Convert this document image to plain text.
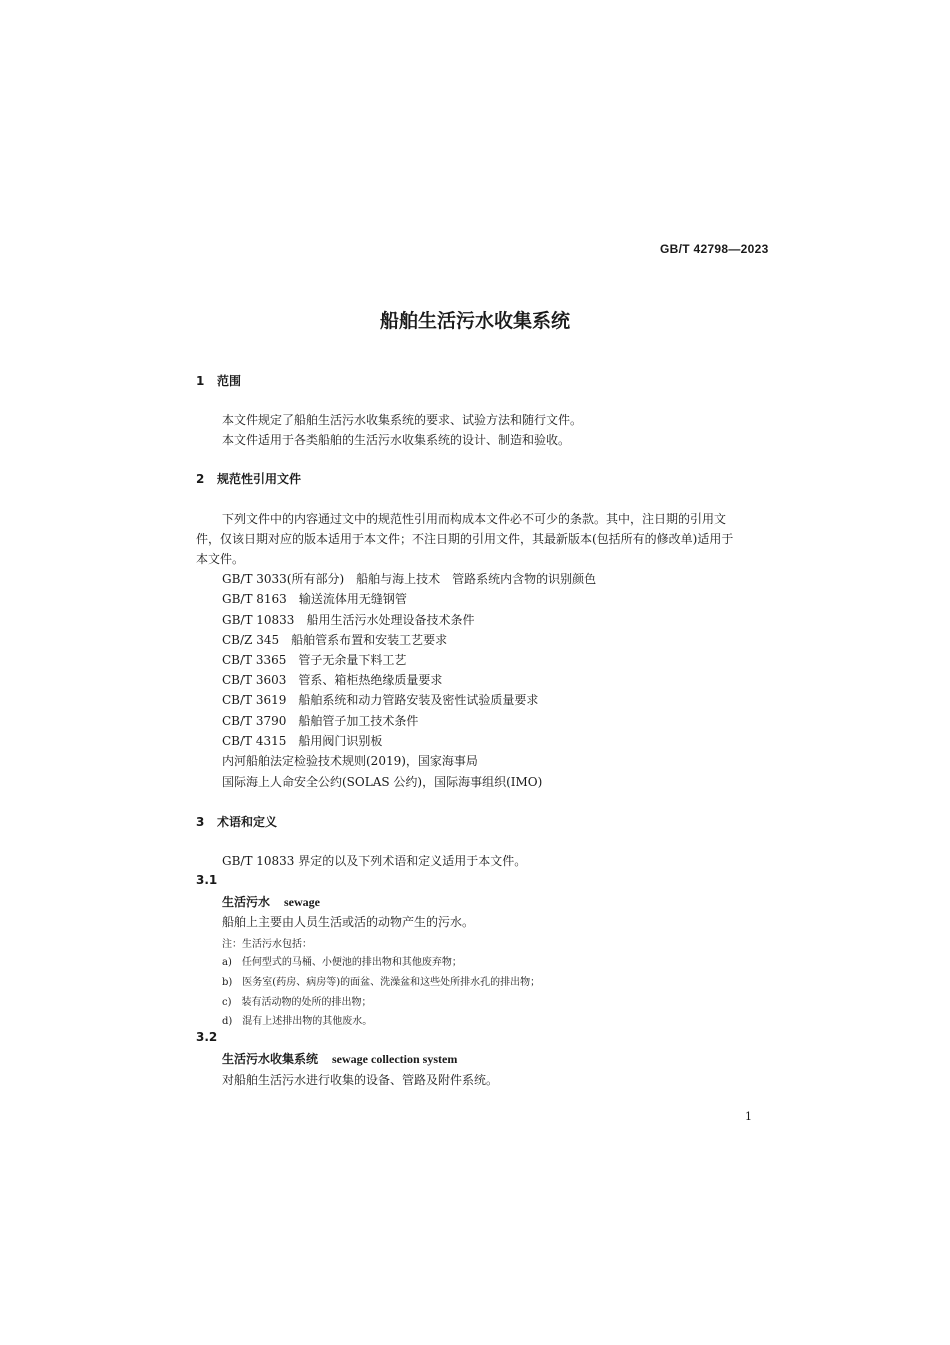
GB/T 42798—2023
船舶生活污水收集系统
1 范围
本文件规定了船舶生活污水收集系统的要求、试验方法和随行文件。
本文件适用于各类船舶的生活污水收集系统的设计、制造和验收。
2 规范性引用文件
下列文件中的内容通过文中的规范性引用而构成本文件必不可少的条款。其中，注日期的引用文
件，仅该日期对应的版本适用于本文件；不注日期的引用文件，其最新版本(包括所有的修改单)适用于
本文件。
GB/T 3033(所有部分) 船舶与海上技术　管路系统内含物的识别颜色
GB/T 8163 输送流体用无缝钢管
GB/T 10833 船用生活污水处理设备技术条件
CB/Z 345 船舶管系布置和安装工艺要求
CB/T 3365 管子无余量下料工艺
CB/T 3603 管系、箱柜热绝缘质量要求
CB/T 3619 船舶系统和动力管路安装及密性试验质量要求
CB/T 3790 船舶管子加工技术条件
CB/T 4315 船用阀门识别板
内河船舶法定检验技术规则(2019)，国家海事局
国际海上人命安全公约(SOLAS 公约)，国际海事组织(IMO)
3 术语和定义
GB/T 10833 界定的以及下列术语和定义适用于本文件。
3.1
生活污水 sewage
船舶上主要由人员生活或活的动物产生的污水。
注：生活污水包括：
a)　任何型式的马桶、小便池的排出物和其他废弃物；
b)　医务室(药房、病房等)的面盆、洗澡盆和这些处所排水孔的排出物；
c)　装有活动物的处所的排出物；
d)　混有上述排出物的其他废水。
3.2
生活污水收集系统 sewage collection system
对船舶生活污水进行收集的设备、管路及附件系统。
1
